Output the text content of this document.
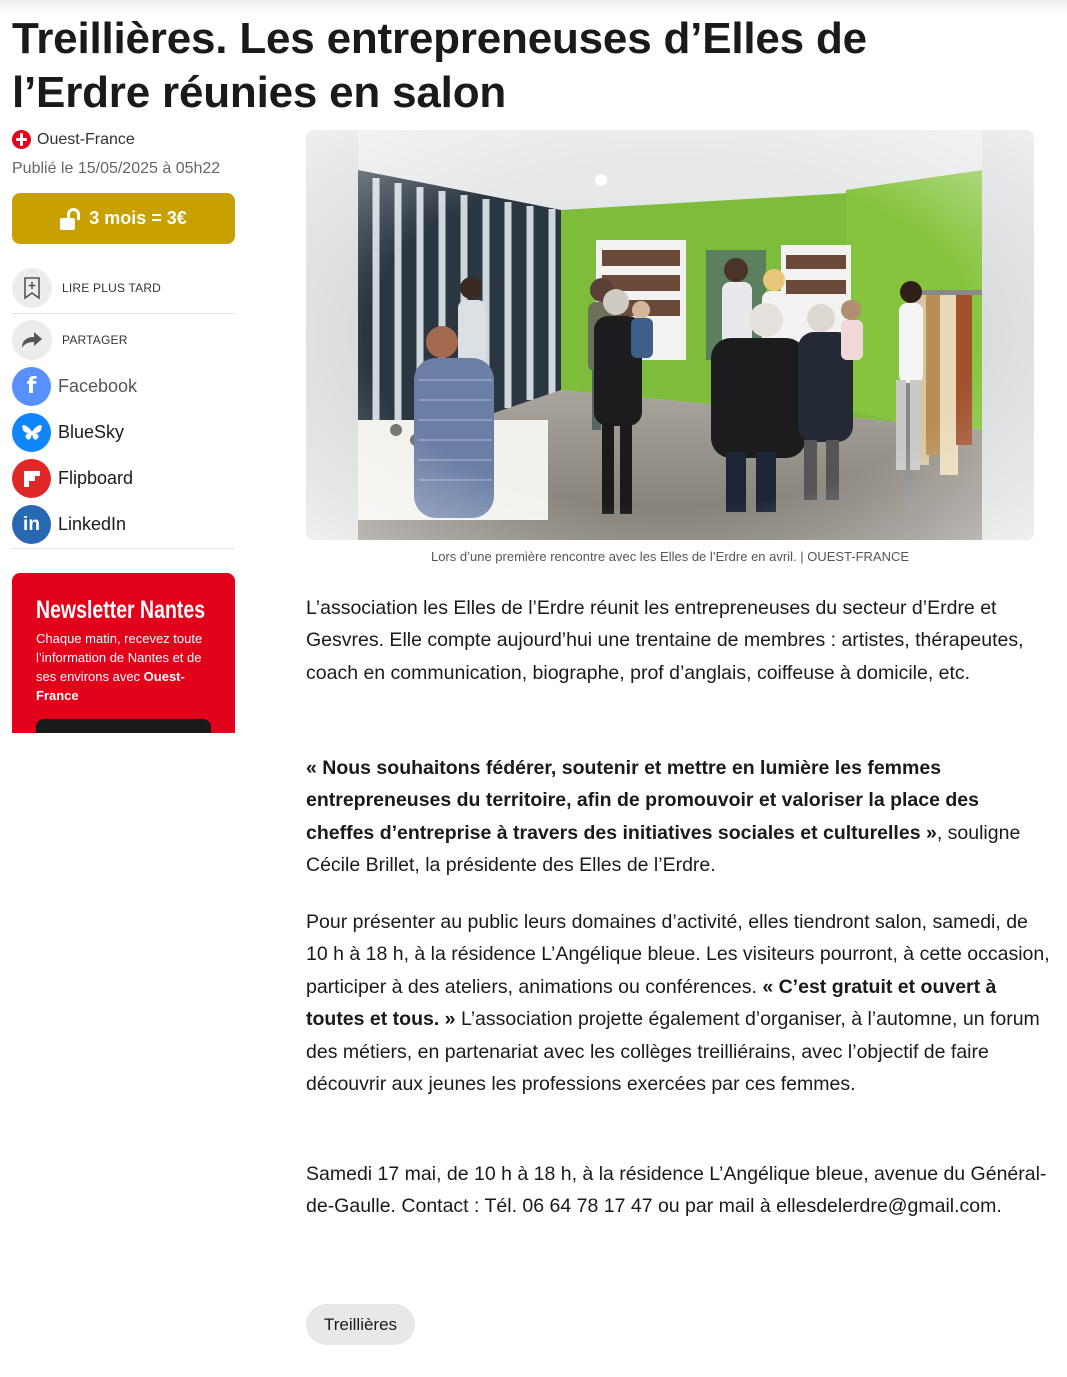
Treillières. Les entrepreneuses d’Elles de l’Erdre réunies en salon
Ouest-France
Publié le 15/05/2025 à 05h22
3 mois = 3€
LIRE PLUS TARD
PARTAGER
f	Facebook
BlueSky
Flipboard
in	LinkedIn
Newsletter Nantes
Chaque matin, recevez toute l’information de Nantes et de ses environs avec Ouest-France
Lors d’une première rencontre avec les Elles de l’Erdre en avril. | OUEST-FRANCE

L’association les Elles de l’Erdre réunit les entrepreneuses du secteur d’Erdre et Gesvres. Elle compte aujourd’hui une trentaine de membres : artistes, thérapeutes, coach en communication, biographe, prof d’anglais, coiffeuse à domicile, etc.

« Nous souhaitons fédérer, soutenir et mettre en lumière les femmes entrepreneuses du territoire, afin de promouvoir et valoriser la place des cheffes d’entreprise à travers des initiatives sociales et culturelles », souligne Cécile Brillet, la présidente des Elles de l’Erdre.

Pour présenter au public leurs domaines d’activité, elles tiendront salon, samedi, de 10 h à 18 h, à la résidence L’Angélique bleue. Les visiteurs pourront, à cette occasion, participer à des ateliers, animations ou conférences. « C’est gratuit et ouvert à toutes et tous. » L’association projette également d’organiser, à l’automne, un forum des métiers, en partenariat avec les collèges treilliérains, avec l’objectif de faire découvrir aux jeunes les professions exercées par ces femmes.

Samedi 17 mai, de 10 h à 18 h, à la résidence L’Angélique bleue, avenue du Général-de-Gaulle. Contact : Tél. 06 64 78 17 47 ou par mail à ellesdelerdre@gmail.com.

Treillières
